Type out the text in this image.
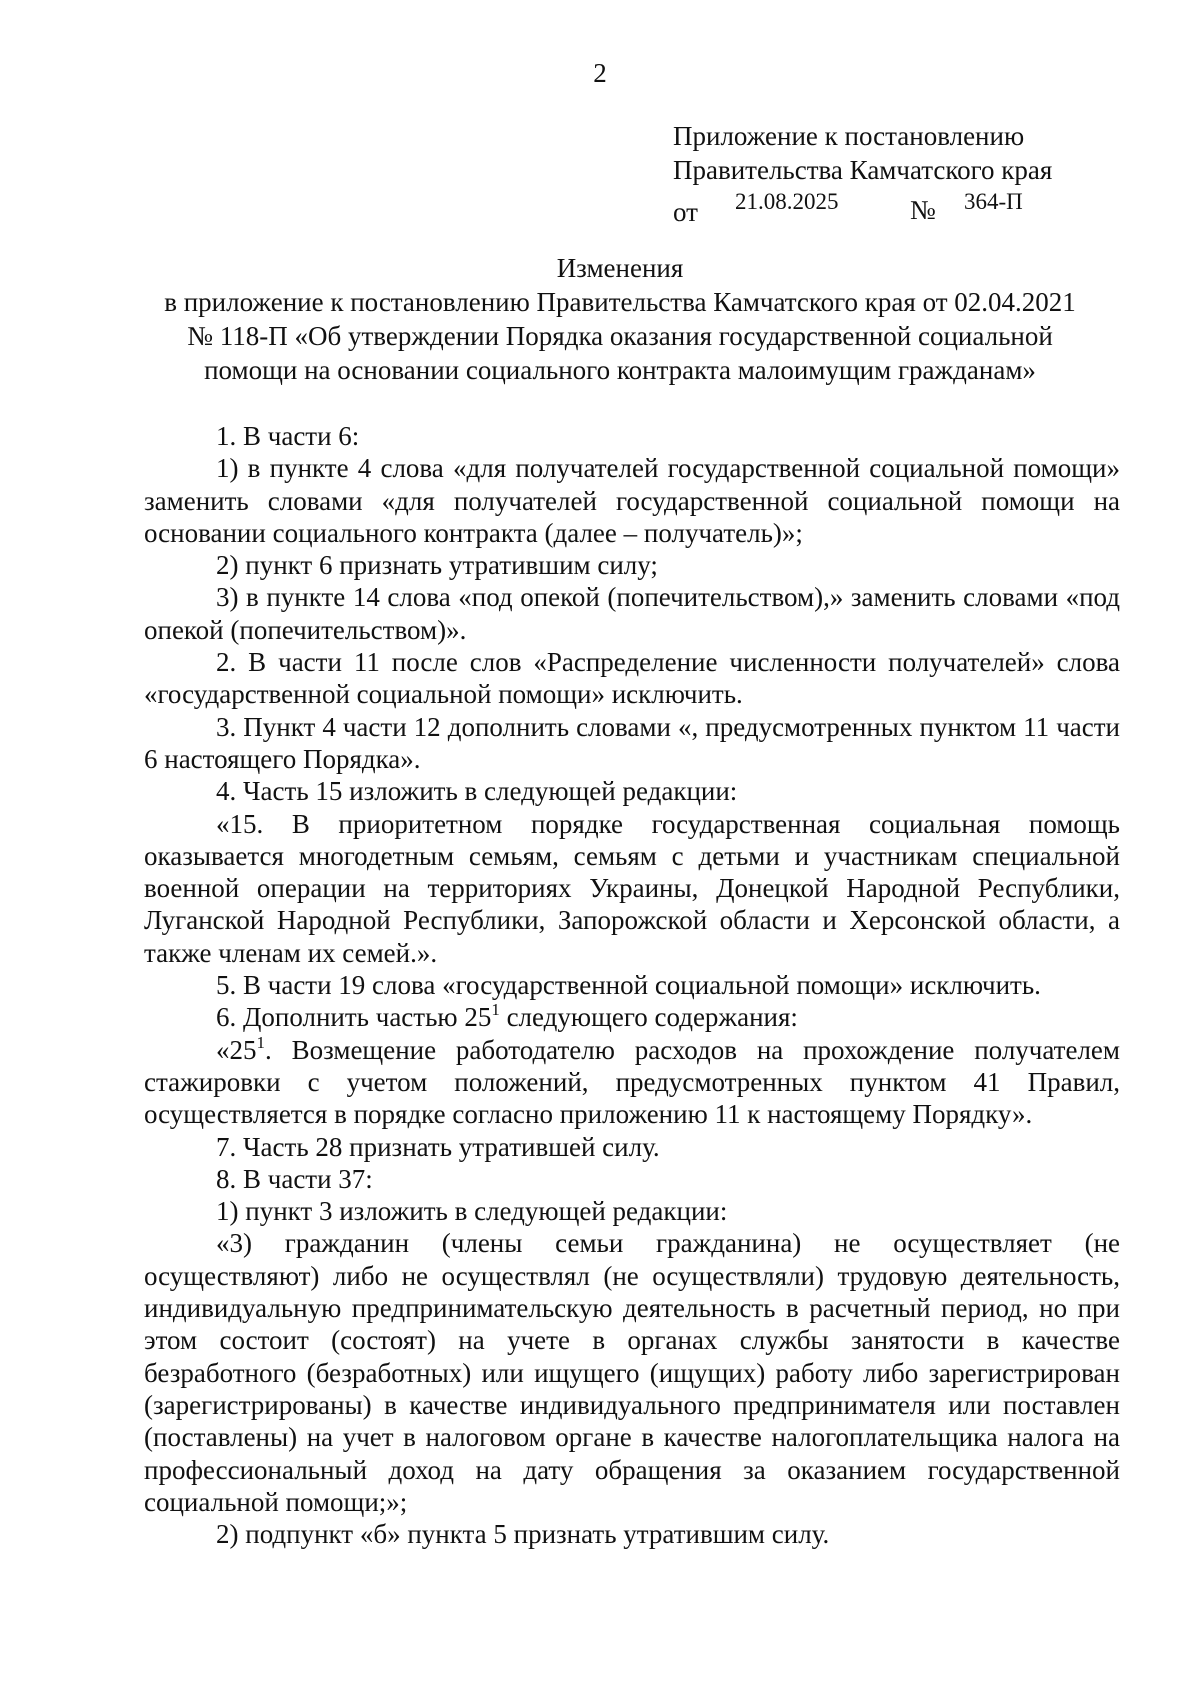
2
Приложение к постановлению
Правительства Камчатского края
от 21.08.2025	№ 364-П
Изменения
в приложение к постановлению Правительства Камчатского края от 02.04.2021
№ 118-П «Об утверждении Порядка оказания государственной социальной
помощи на основании социального контракта малоимущим гражданам»

1. В части 6:

1) в пункте 4 слова «для получателей государственной социальной помощи» заменить словами «для получателей государственной социальной помощи на основании социального контракта (далее – получатель)»;

2) пункт 6 признать утратившим силу;

3) в пункте 14 слова «под опекой (попечительством),» заменить словами «под опекой (попечительством)».

2. В части 11 после слов «Распределение численности получателей» слова «государственной социальной помощи» исключить.

3. Пункт 4 части 12 дополнить словами «, предусмотренных пунктом 11 части 6 настоящего Порядка».

4. Часть 15 изложить в следующей редакции:

«15. В приоритетном порядке государственная социальная помощь оказывается многодетным семьям, семьям с детьми и участникам специальной военной операции на территориях Украины, Донецкой Народной Республики, Луганской Народной Республики, Запорожской области и Херсонской области, а также членам их семей.».

5. В части 19 слова «государственной социальной помощи» исключить.

6. Дополнить частью $25^1$ следующего содержания:

«$25^1$. Возмещение работодателю расходов на прохождение получателем стажировки с учетом положений, предусмотренных пунктом 41 Правил, осуществляется в порядке согласно приложению 11 к настоящему Порядку».

7. Часть 28 признать утратившей силу.

8. В части 37:

1) пункт 3 изложить в следующей редакции:

«3) гражданин (члены семьи гражданина) не осуществляет (не осуществляют) либо не осуществлял (не осуществляли) трудовую деятельность, индивидуальную предпринимательскую деятельность в расчетный период, но при этом состоит (состоят) на учете в органах службы занятости в качестве безработного (безработных) или ищущего (ищущих) работу либо зарегистрирован (зарегистрированы) в качестве индивидуального предпринимателя или поставлен (поставлены) на учет в налоговом органе в качестве налогоплательщика налога на профессиональный доход на дату обращения за оказанием государственной социальной помощи;»;

2) подпункт «б» пункта 5 признать утратившим силу.
